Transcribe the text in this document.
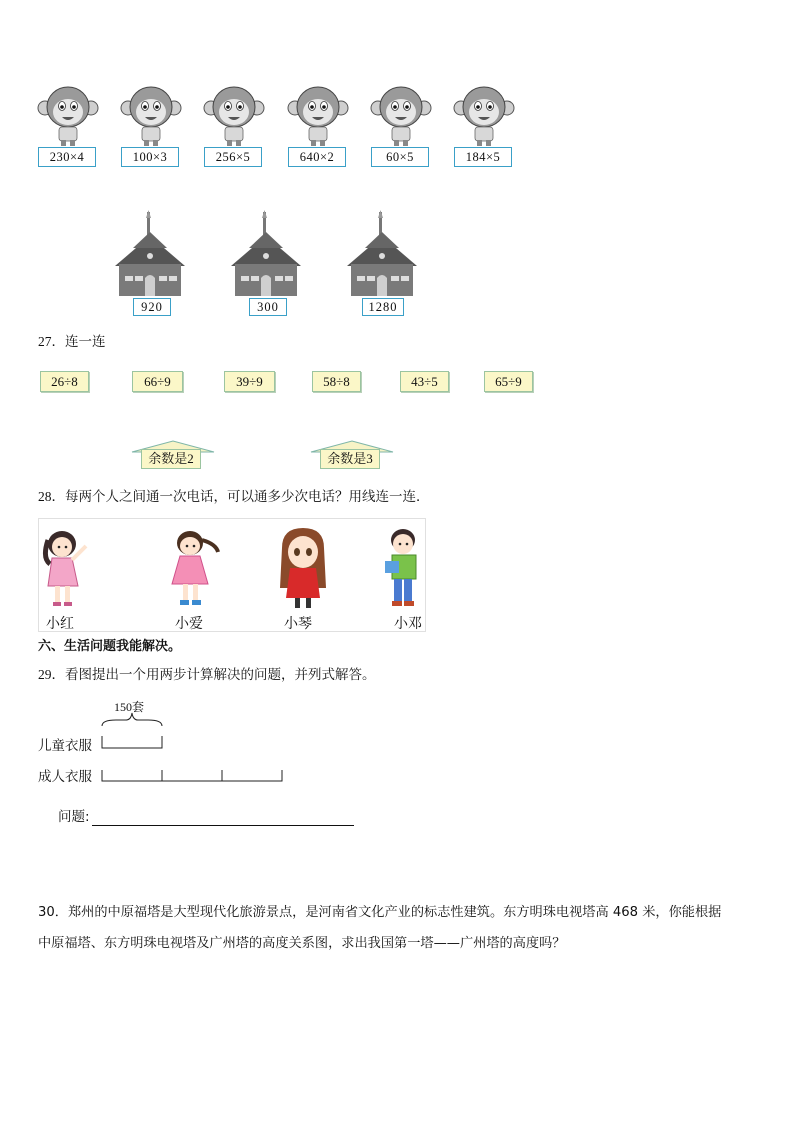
230×4	100×3	256×5	640×2	60×5	184×5
920	300	1280
27．连一连
26÷8	66÷9	39÷9	58÷8	43÷5	65÷9
余数是2	余数是3
28．每两个人之间通一次电话，可以通多少次电话？用线连一连．
小红	小爱	小琴	小邓
六、生活问题我能解决。
29．看图提出一个用两步计算解决的问题，并列式解答。
150套
儿童衣服
成人衣服
问题:
30．郑州的中原福塔是大型现代化旅游景点，是河南省文化产业的标志性建筑。东方明珠电视塔高 468 米，你能根据
中原福塔、东方明珠电视塔及广州塔的高度关系图，求出我国第一塔——广州塔的高度吗？
